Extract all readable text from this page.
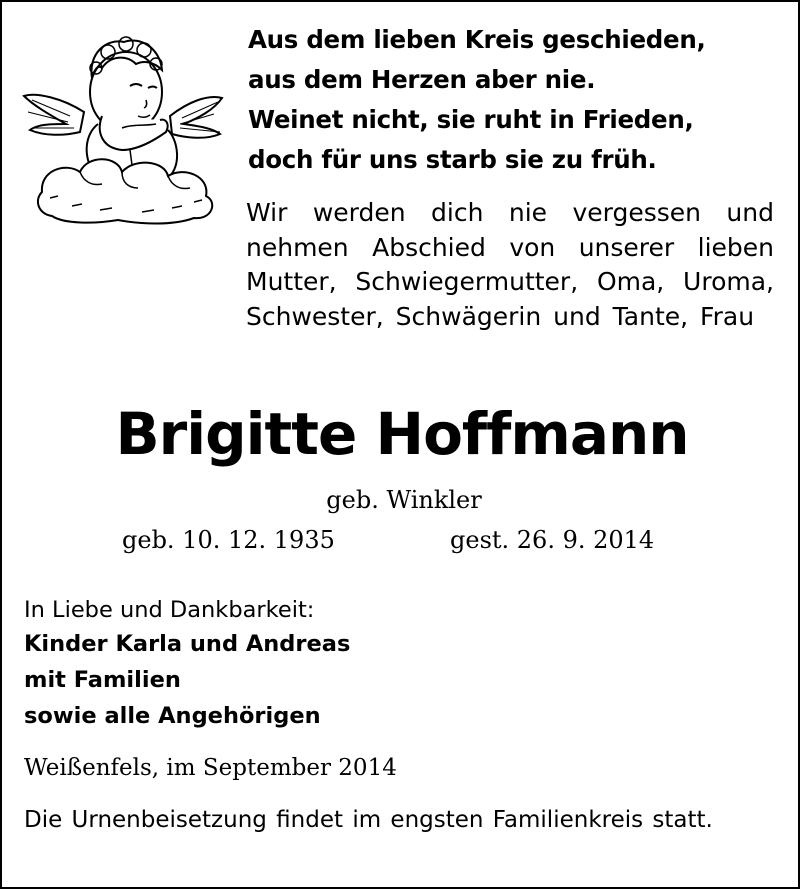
Aus dem lieben Kreis geschieden,
aus dem Herzen aber nie.
Weinet nicht, sie ruht in Frieden,
doch für uns starb sie zu früh.
Wir werden dich nie vergessen und nehmen Abschied von unserer lieben Mutter, Schwiegermutter, Oma, Uroma, Schwester, Schwägerin und Tante, Frau
Brigitte Hoffmann
geb. Winkler
geb. 10. 12. 1935	gest. 26. 9. 2014
In Liebe und Dankbarkeit:
Kinder Karla und Andreas
mit Familien
sowie alle Angehörigen
Weißenfels, im September 2014
Die Urnenbeisetzung findet im engsten Familienkreis statt.
